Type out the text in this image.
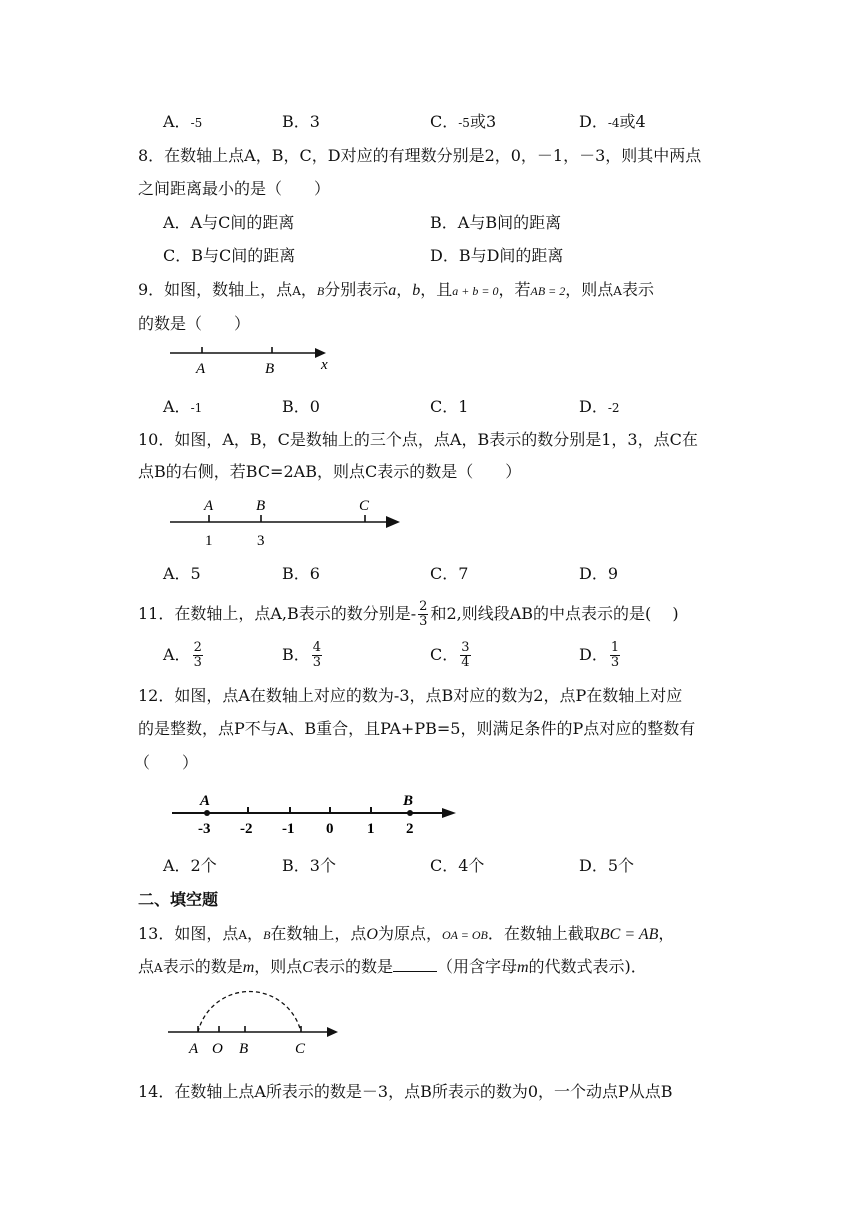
A．-5	B．3	C．-5或3	D．-4或4
8．在数轴上点A，B，C，D对应的有理数分别是2，0，－1，－3，则其中两点
之间距离最小的是（　　）
A．A与C间的距离	B．A与B间的距离
C．B与C间的距离	D．B与D间的距离
9．如图，数轴上，点A，B分别表示a，b，且a + b = 0，若AB = 2，则点A表示
的数是（　　）
A	B	x
A．-1	B．0	C．1	D．-2
10．如图，A，B，C是数轴上的三个点，点A，B表示的数分别是1，3，点C在
点B的右侧，若BC=2AB，则点C表示的数是（　　）
A	B	C
1	3
A．5	B．6	C．7	D．9
11．在数轴上，点A,B表示的数分别是- $\frac{2}{3}$ 和2,则线段AB的中点表示的是(　 )
A． $\frac{2}{3}$	B． $\frac{4}{3}$	C． $\frac{3}{4}$	D． $\frac{1}{3}$
12．如图，点A在数轴上对应的数为-3，点B对应的数为2，点P在数轴上对应
的是整数，点P不与A、B重合，且PA+PB=5，则满足条件的P点对应的整数有
（　　）
A	B
-3 -2 -1 0 1 2
A．2个	B．3个	C．4个	D．5个
二、填空题
13．如图，点A，B在数轴上，点O为原点，OA = OB．在数轴上截取BC = AB，
点A表示的数是m，则点C表示的数是	（用含字母m的代数式表示)．
A O B	C
14．在数轴上点A所表示的数是－3，点B所表示的数为0，一个动点P从点B
